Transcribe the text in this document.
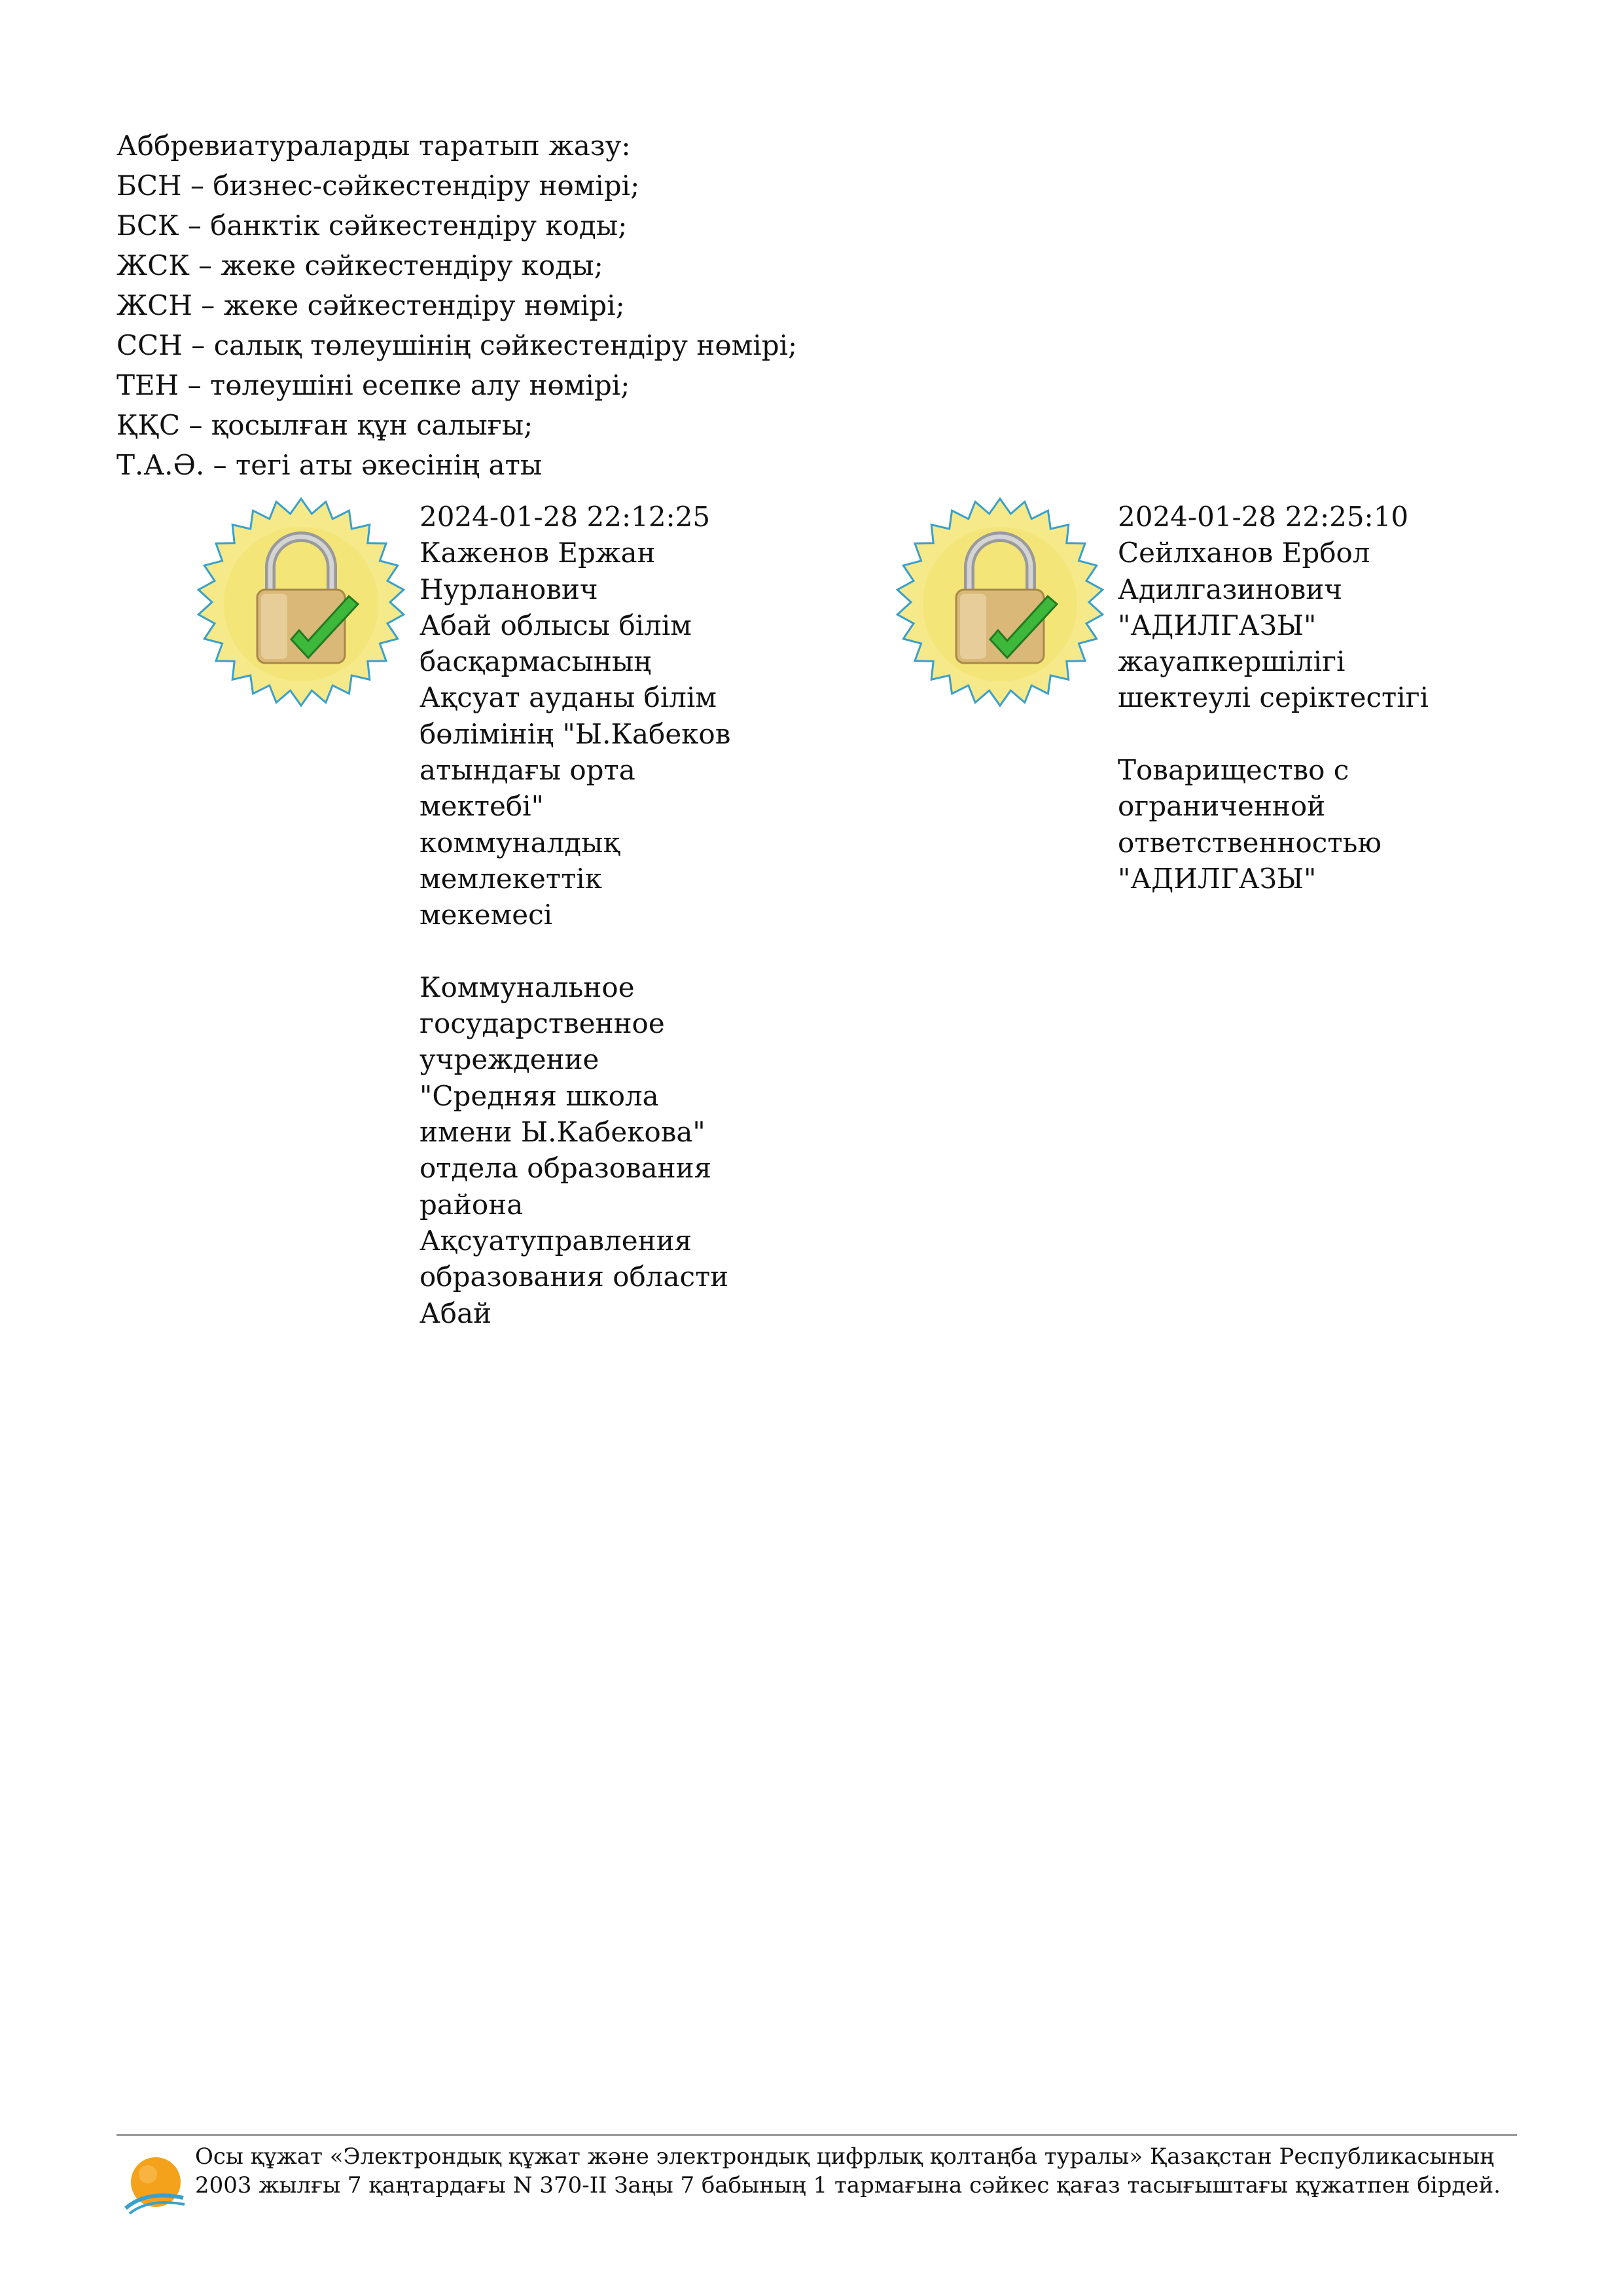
Аббревиатураларды таратып жазу:
БСН – бизнес-сәйкестендіру нөмірі;
БСК – банктік сәйкестендіру коды;
ЖСК – жеке сәйкестендіру коды;
ЖСН – жеке сәйкестендіру нөмірі;
ССН – салық төлеушінің сәйкестендіру нөмірі;
ТЕН – төлеушіні есепке алу нөмірі;
ҚҚС – қосылған құн салығы;
Т.А.Ә. – тегі аты әкесінің аты
2024-01-28 22:12:25
Каженов Ержан
Нурланович
Абай облысы білім
басқармасының
Ақсуат ауданы білім
бөлімінің "Ы.Кабеков
атындағы орта
мектебі"
коммуналдық
мемлекеттік
мекемесі

Коммунальное
государственное
учреждение
"Средняя школа
имени Ы.Кабекова"
отдела образования
района
Ақсуатуправления
образования области
Абай
2024-01-28 22:25:10
Сейлханов Ербол
Адилгазинович
"АДИЛГАЗЫ"
жауапкершілігі
шектеулі серіктестігі

Товарищество с
ограниченной
ответственностью
"АДИЛГАЗЫ"
Осы құжат «Электрондық құжат және электрондық цифрлық қолтаңба туралы» Қазақстан Республикасының 2003 жылғы 7 қаңтардағы N 370-II Заңы 7 бабының 1 тармағына сәйкес қағаз тасығыштағы құжатпен бірдей.
